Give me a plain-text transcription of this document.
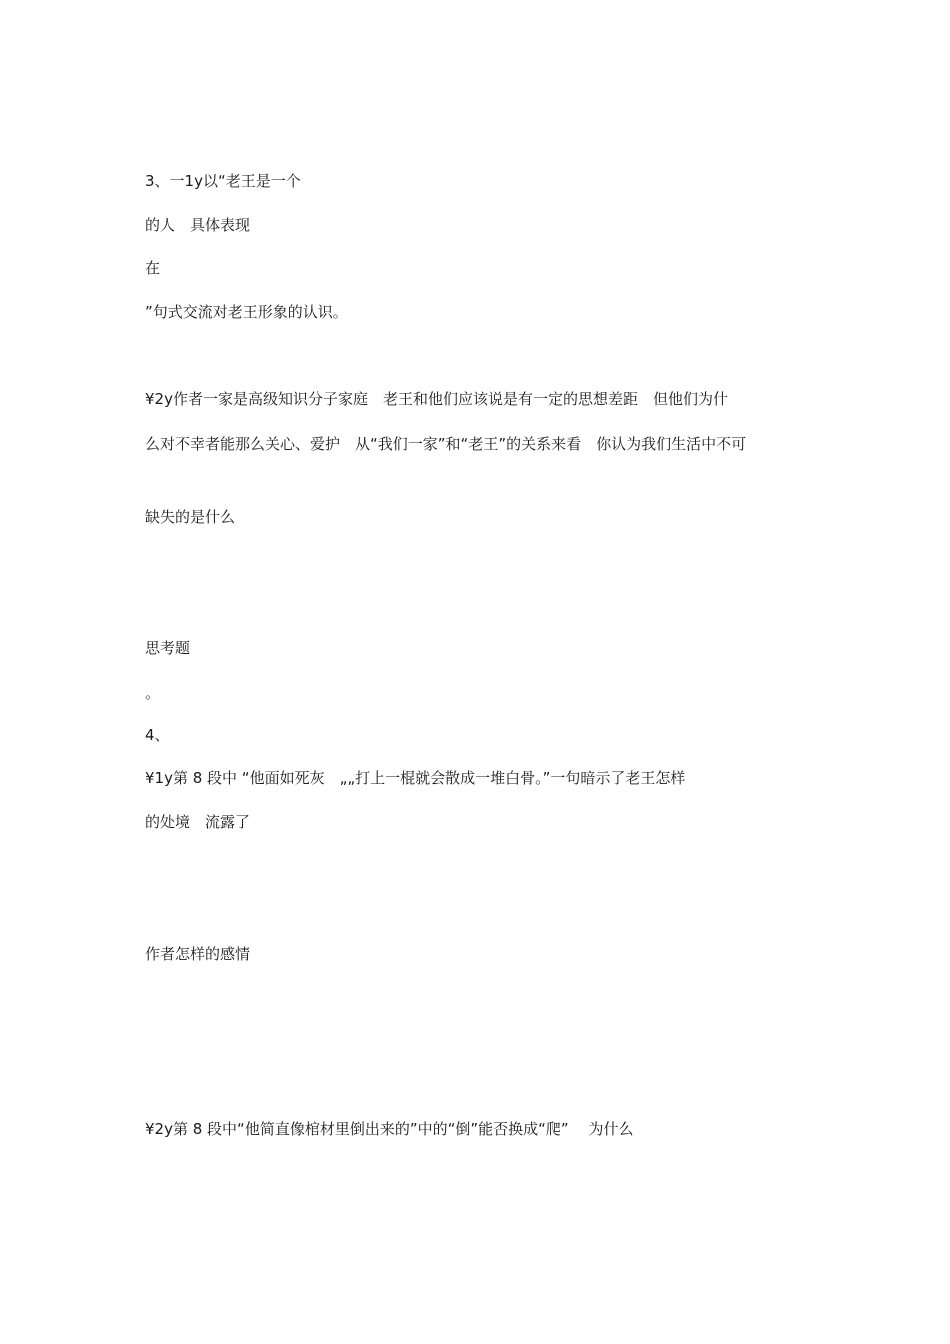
3、一1y以“老王是一个

的人　具体表现

在

”句式交流对老王形象的认识。

¥2y作者一家是高级知识分子家庭　老王和他们应该说是有一定的思想差距　但他们为什

么对不幸者能那么关心、爱护　从“我们一家”和“老王”的关系来看　你认为我们生活中不可

缺失的是什么

思考题

。

4、

¥1y第 8 段中 “他面如死灰　„„打上一棍就会散成一堆白骨。”一句暗示了老王怎样

的处境　流露了

作者怎样的感情

¥2y第 8 段中“他简直像棺材里倒出来的”中的“倒”能否换成“爬”　 为什么
